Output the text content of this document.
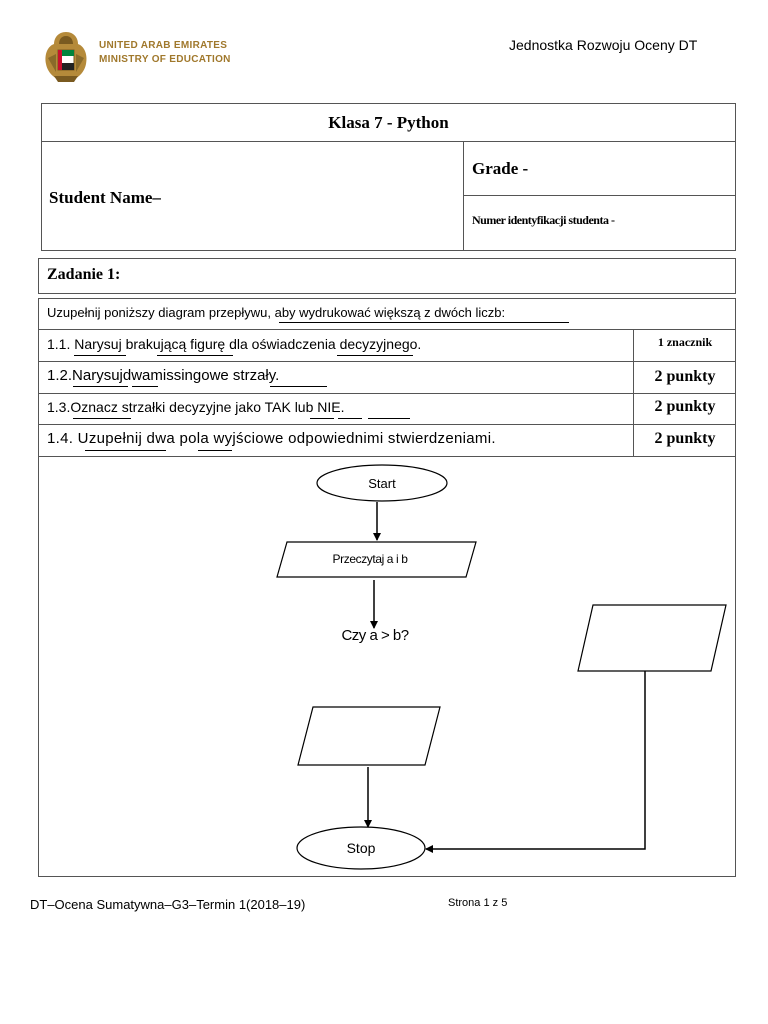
UNITED ARAB EMIRATES
MINISTRY OF EDUCATION
Jednostka Rozwoju Oceny DT
Klasa 7 - Python
Student Name–
Grade -
Numer identyfikacji studenta -
Zadanie 1:
Uzupełnij poniższy diagram przepływu, aby wydrukować większą z dwóch liczb:
1.1. Narysuj brakującą figurę dla oświadczenia decyzyjnego.	1 znacznik
1.2.Narysujdwamissingowe strzały.	2 punkty
1.3.Oznacz strzałki decyzyjne jako TAK lub NIE.	2 punkty
1.4. Uzupełnij dwa pola wyjściowe odpowiednimi stwierdzeniami.	2 punkty
Start
Przeczytaj a i b
Czy a > b?
Stop
DT–Ocena Sumatywna–G3–Termin 1(2018–19)	Strona 1 z 5
